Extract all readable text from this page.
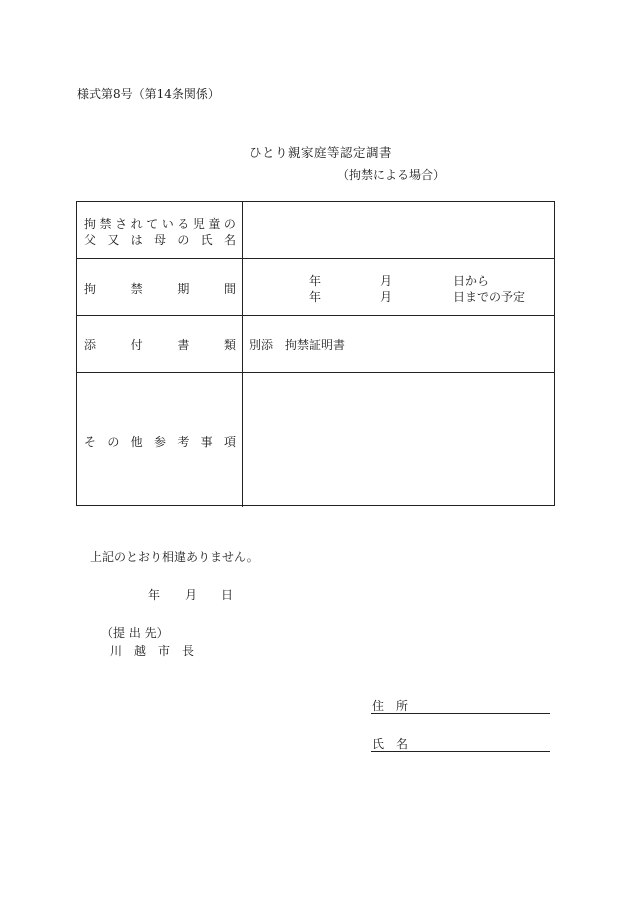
様式第8号（第14条関係）
ひとり親家庭等認定調書
（拘禁による場合）
拘 禁 さ れ て い る 児 童 の
父 又 は 母 の 氏 名
拘	禁	期	間
年	月	日から
年	月	日までの予定
添	付	書	類 別添　拘禁証明書
そ の 他 参 考 事 項
上記のとおり相違ありません。
年 月 日
（提 出 先）
川　越　市　長
住　所
氏　名
